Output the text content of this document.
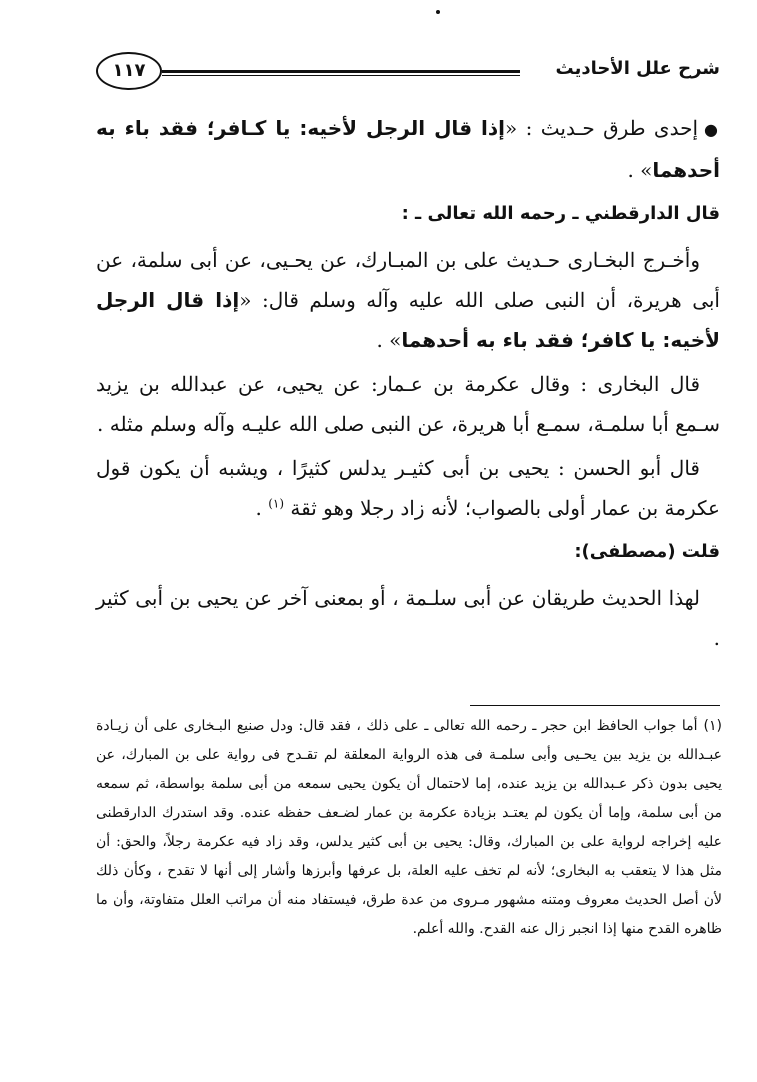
شرح علل الأحاديث
١١٧

●إحدى طرق حـديث : «إذا قال الرجل لأخيه: يا كـافر؛ فقد باء به أحدهما» .

قال الدارقطني ـ رحمه الله تعالى ـ :

وأخـرج البخـارى حـديث على بن المبـارك، عن يحـيى، عن أبى سلمة، عن أبى هريرة، أن النبى صلى الله عليه وآله وسلم قال: «إذا قال الرجل لأخيه: يا كافر؛ فقد باء به أحدهما» .

قال البخارى : وقال عكرمة بن عـمار: عن يحيى، عن عبدالله بن يزيد سـمع أبا سلمـة، سمـع أبا هريرة، عن النبى صلى الله عليـه وآله وسلم مثله .

قال أبو الحسن : يحيى بن أبى كثيـر يدلس كثيرًا ، ويشبه أن يكون قول عكرمة بن عمار أولى بالصواب؛ لأنه زاد رجلا وهو ثقة $^{(١)}$ .

قلت (مصطفى):

لهذا الحديث طريقان عن أبى سلـمة ، أو بمعنى آخر عن يحيى بن أبى كثير .

(١)أما جواب الحافظ ابن حجر ـ رحمه الله تعالى ـ على ذلك ، فقد قال: ودل صنيع البـخارى على أن زيـادة عبـدالله بن يزيد بين يحـيى وأبى سلمـة فى هذه الرواية المعلقة لم تقـدح فى رواية على بن المبارك، عن يحيى بدون ذكر عـبدالله بن يزيد عنده، إما لاحتمال أن يكون يحيى سمعه من أبى سلمة بواسطة، ثم سمعه من أبى سلمة، وإما أن يكون لم يعتـد بزيادة عكرمة بن عمار لضـعف حفظه عنده. وقد استدرك الدارقطنى عليه إخراجه لرواية على بن المبارك، وقال: يحيى بن أبى كثير يدلس، وقد زاد فيه عكرمة رجلاً، والحق: أن مثل هذا لا يتعقب به البخارى؛ لأنه لم تخف عليه العلة، بل عرفها وأبرزها وأشار إلى أنها لا تقدح ، وكأن ذلك لأن أصل الحديث معروف ومتنه مشهور مـروى من عدة طرق، فيستفاد منه أن مراتب العلل متفاوتة، وأن ما ظاهره القدح منها إذا انجبر زال عنه القدح. والله أعلم.
